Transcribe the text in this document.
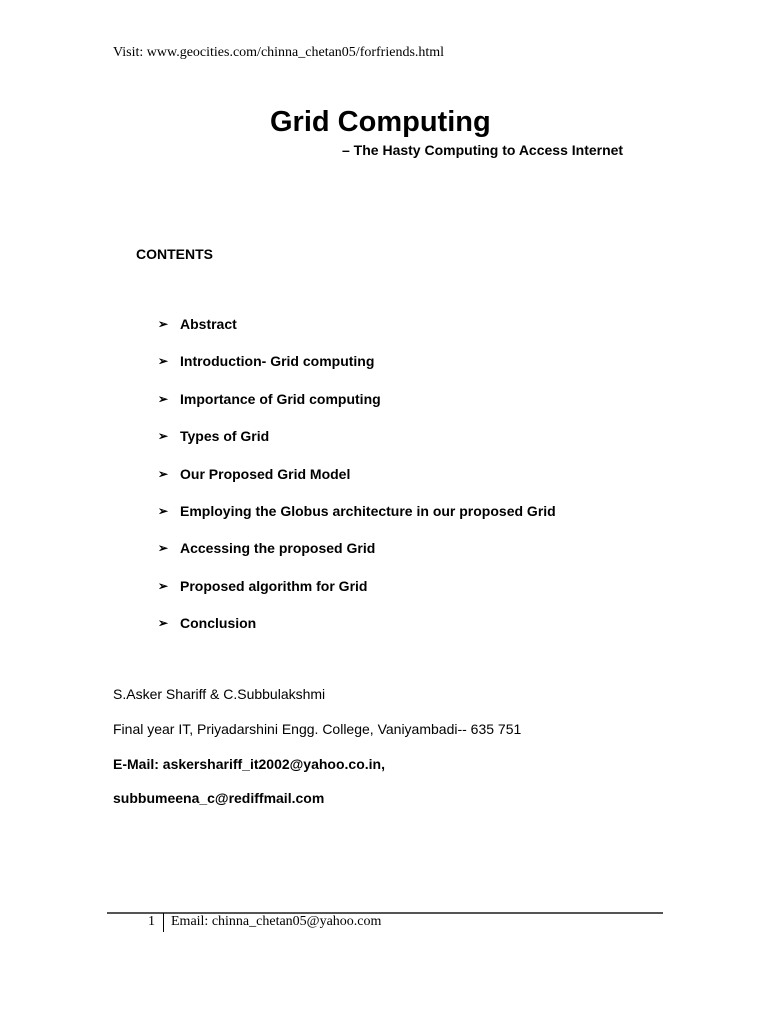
Visit: www.geocities.com/chinna_chetan05/forfriends.html
Grid Computing
– The Hasty Computing to Access Internet
CONTENTS
➢ Abstract
➢ Introduction- Grid computing
➢ Importance of Grid computing
➢ Types of Grid
➢ Our Proposed Grid Model
➢ Employing the Globus architecture in our proposed Grid
➢ Accessing the proposed Grid
➢ Proposed algorithm for Grid
➢ Conclusion
S.Asker Shariff & C.Subbulakshmi
Final year IT, Priyadarshini Engg. College, Vaniyambadi-- 635 751
E-Mail: askershariff_it2002@yahoo.co.in,
subbumeena_c@rediffmail.com
1 Email: chinna_chetan05@yahoo.com
